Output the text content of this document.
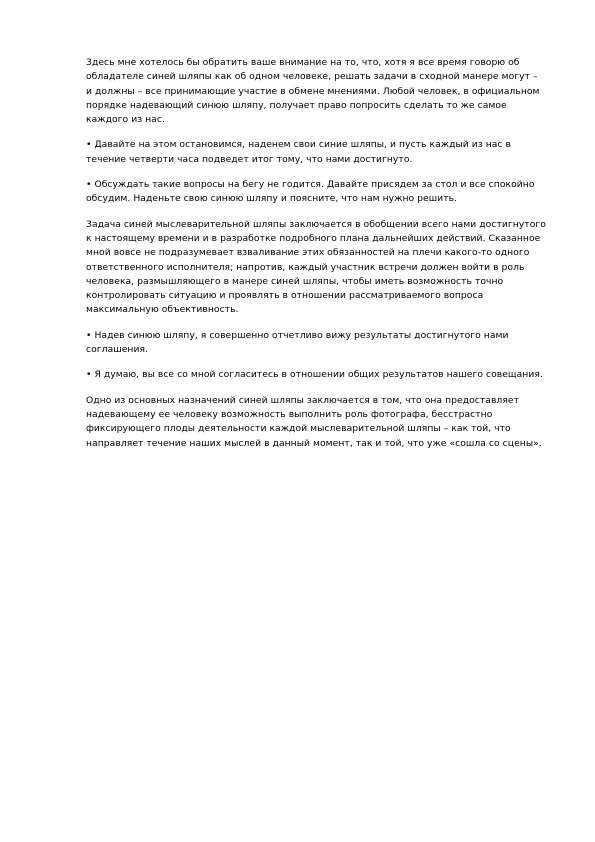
Здесь мне хотелось бы обратить ваше внимание на то, что, хотя я все время говорю об обладателе синей шляпы как об одном человеке, решать задачи в сходной манере могут – и должны – все принимающие участие в обмене мнениями. Любой человек, в официальном порядке надевающий синюю шляпу, получает право попросить сделать то же самое каждого из нас.

• Давайте на этом остановимся, наденем свои синие шляпы, и пусть каждый из нас в течение четверти часа подведет итог тому, что нами достигнуто.

• Обсуждать такие вопросы на бегу не годится. Давайте присядем за стол и все спокойно обсудим. Наденьте свою синюю шляпу и поясните, что нам нужно решить.

Задача синей мыслеварительной шляпы заключается в обобщении всего нами достигнутого к настоящему времени и в разработке подробного плана дальнейших действий. Сказанное мной вовсе не подразумевает взваливание этих обязанностей на плечи какого-то одного ответственного исполнителя; напротив, каждый участник встречи должен войти в роль человека, размышляющего в манере синей шляпы, чтобы иметь возможность точно контролировать ситуацию и проявлять в отношении рассматриваемого вопроса максимальную объективность.

• Надев синюю шляпу, я совершенно отчетливо вижу результаты достигнутого нами соглашения.

• Я думаю, вы все со мной согласитесь в отношении общих результатов нашего совещания.

Одно из основных назначений синей шляпы заключается в том, что она предоставляет надевающему ее человеку возможность выполнить роль фотографа, бесстрастно фиксирующего плоды деятельности каждой мыслеварительной шляпы – как той, что направляет течение наших мыслей в данный момент, так и той, что уже «сошла со сцены».
